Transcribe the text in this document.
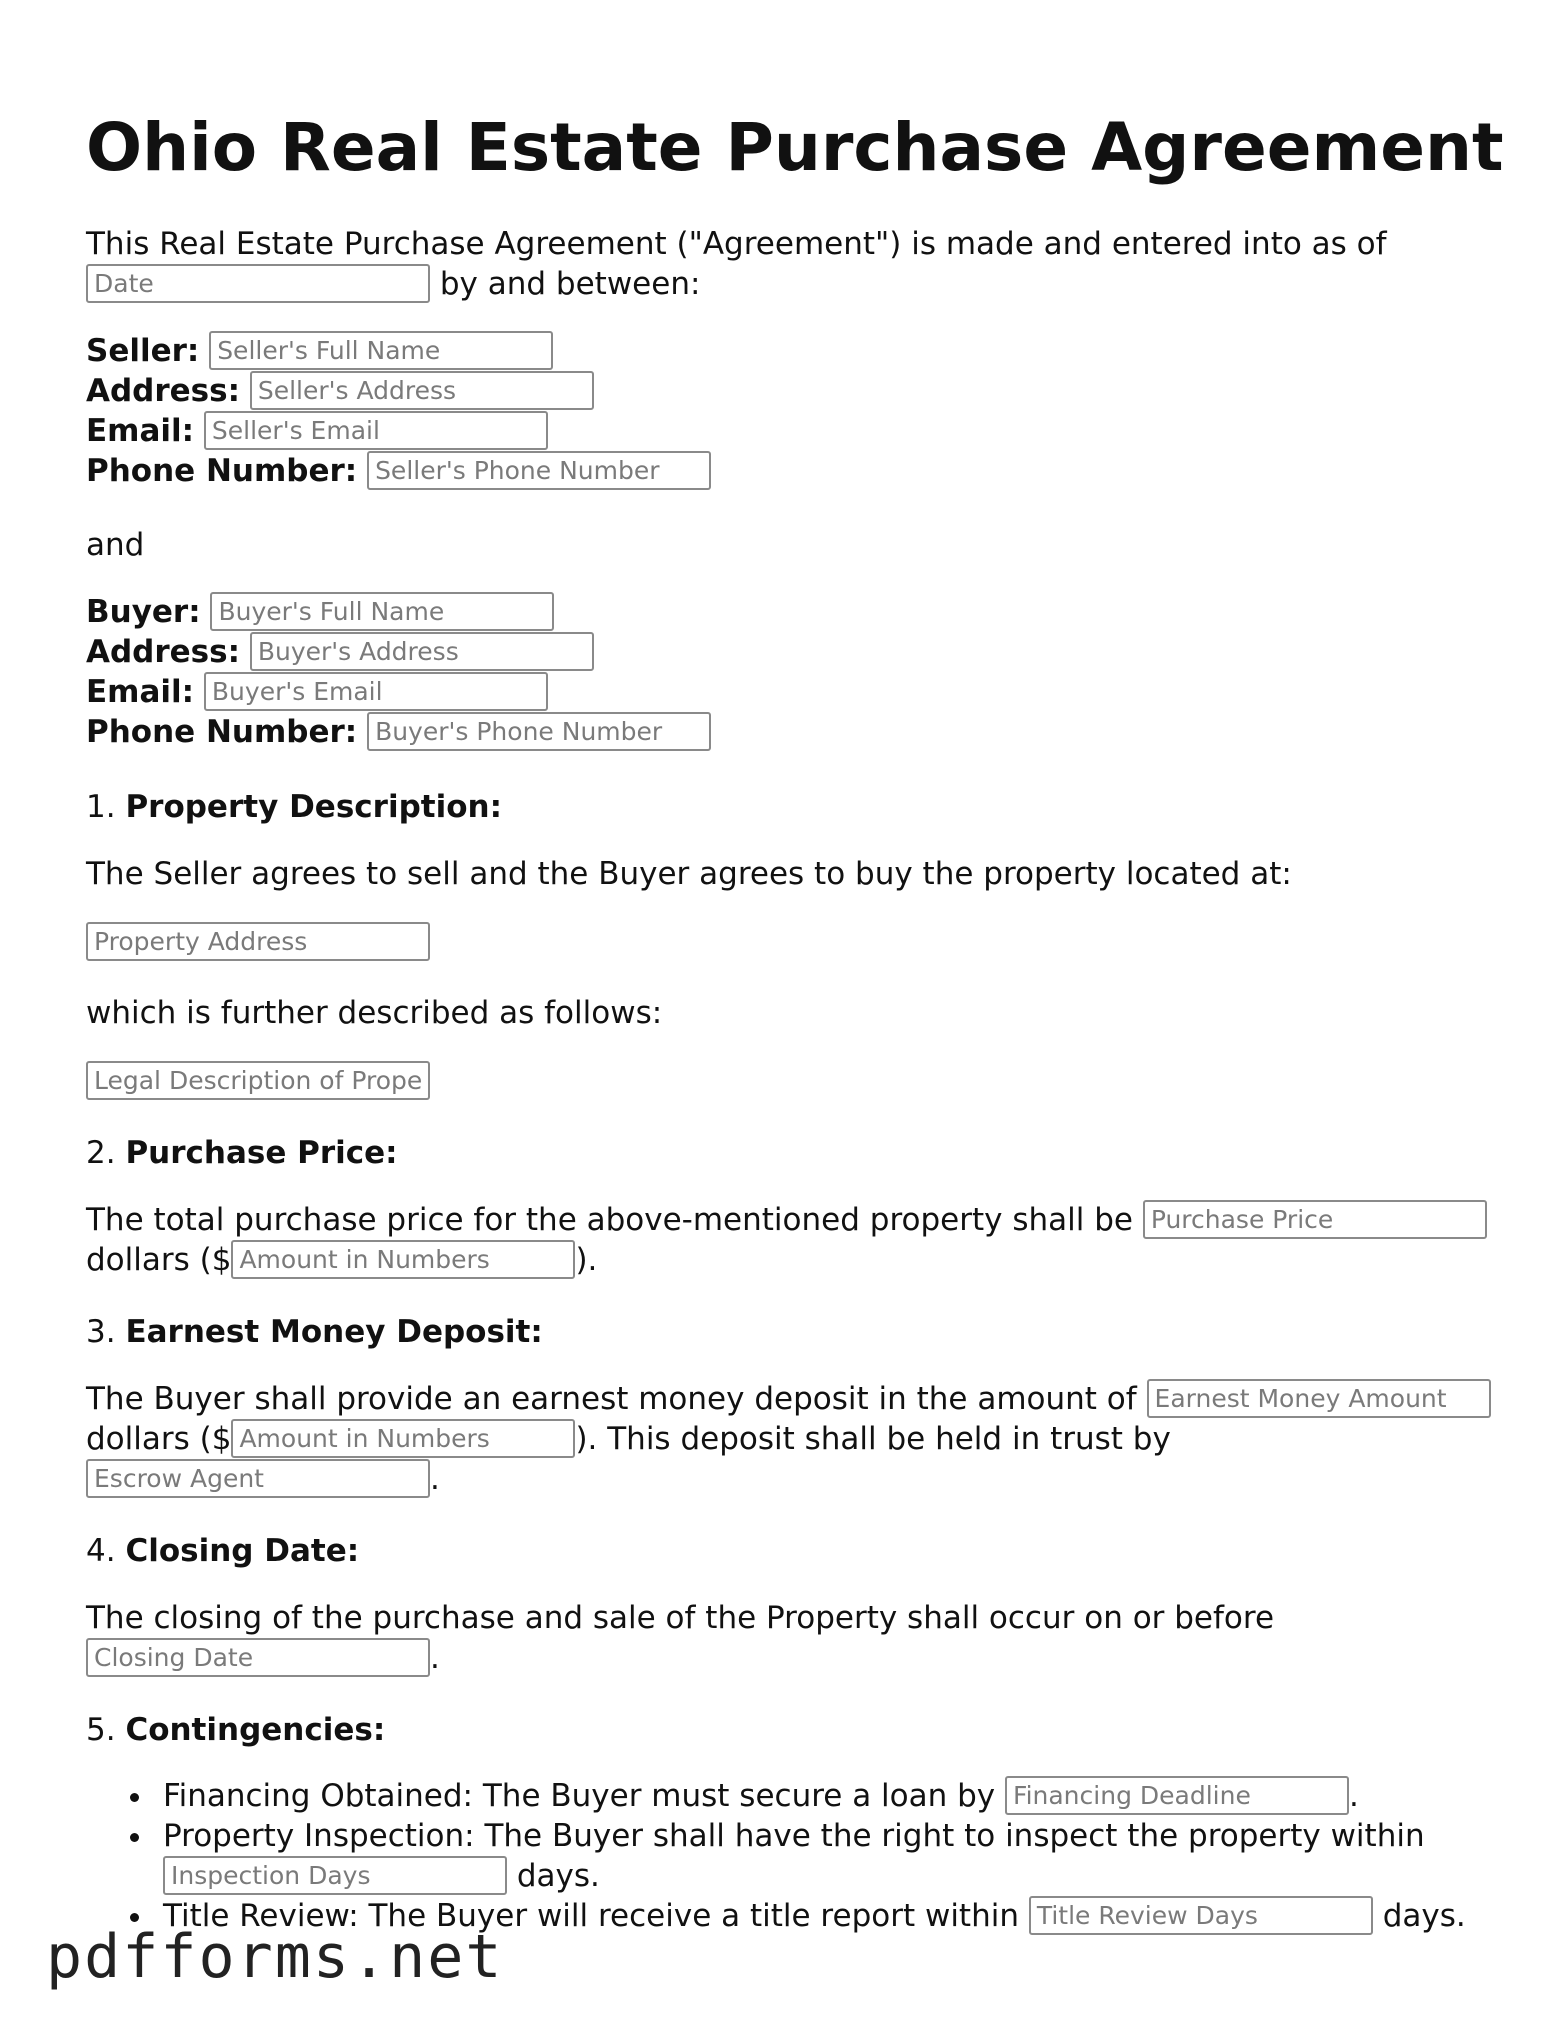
Ohio Real Estate Purchase Agreement
This Real Estate Purchase Agreement ("Agreement") is made and entered into as of
Date	by and between:
Seller: Seller's Full Name
Address: Seller's Address
Email: Seller's Email
Phone Number: Seller's Phone Number
and
Buyer: Buyer's Full Name
Address: Buyer's Address
Email: Buyer's Email
Phone Number: Buyer's Phone Number
1. Property Description:
The Seller agrees to sell and the Buyer agrees to buy the property located at:
Property Address
which is further described as follows:
Legal Description of Prope
2. Purchase Price:
The total purchase price for the above-mentioned property shall be Purchase Price
dollars ($ Amount in Numbers	).
3. Earnest Money Deposit:
The Buyer shall provide an earnest money deposit in the amount of Earnest Money Amount
dollars ($ Amount in Numbers	). This deposit shall be held in trust by
Escrow Agent	.
4. Closing Date:
The closing of the purchase and sale of the Property shall occur on or before
Closing Date	.
5. Contingencies:
Financing Obtained: The Buyer must secure a loan by Financing Deadline	.
Property Inspection: The Buyer shall have the right to inspect the property within
Inspection Days	days.
Title Review: The Buyer will receive a title report within Title Review Days	days.
pdfforms.net
